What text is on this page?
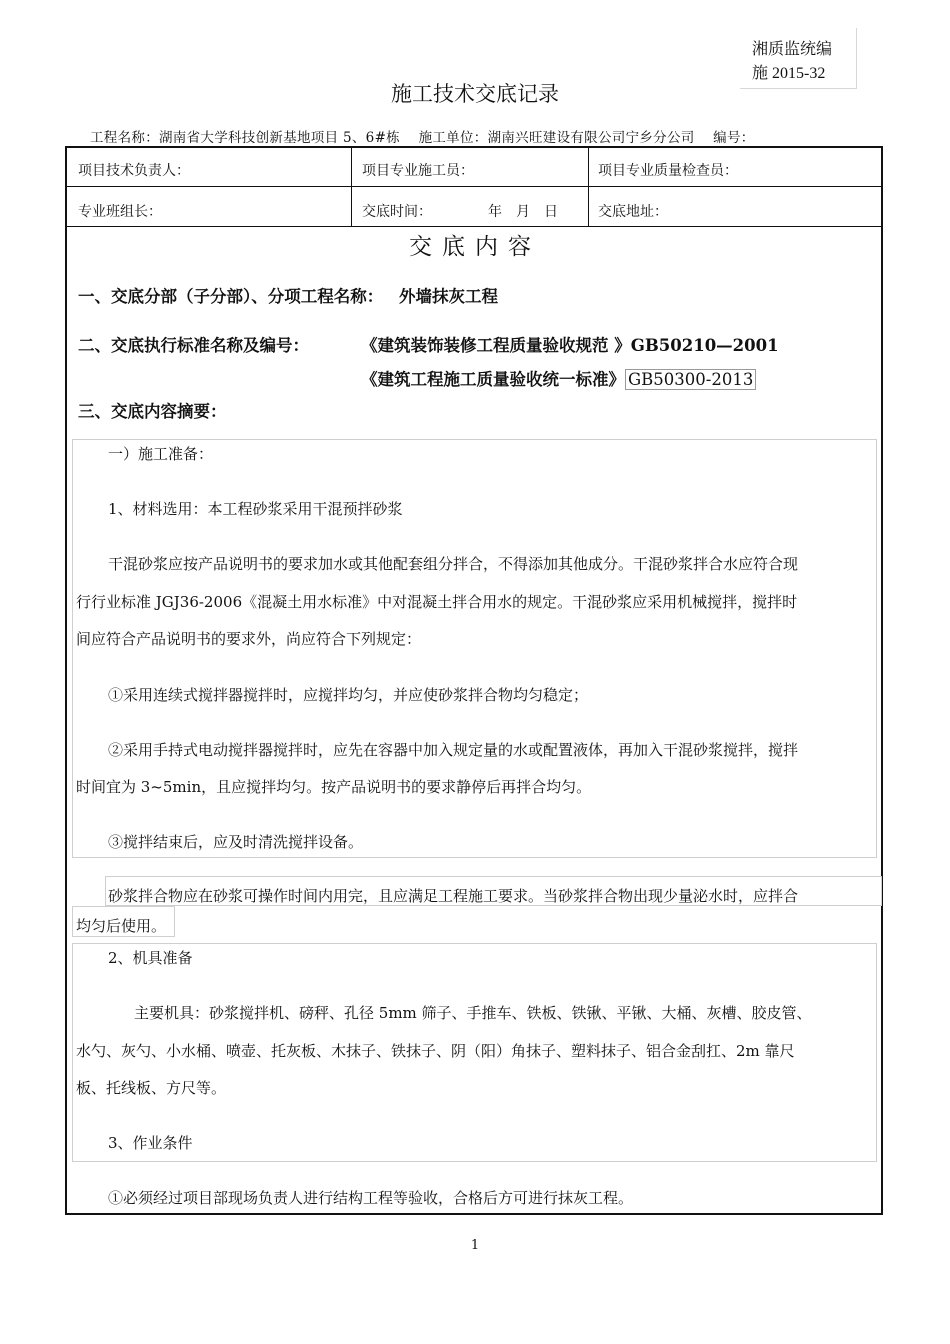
湘质监统编
施 2015-32
施工技术交底记录
工程名称：湖南省大学科技创新基地项目 5、6#栋 施工单位：湖南兴旺建设有限公司宁乡分公司 编号：
项目技术负责人：	项目专业施工员：	项目专业质量检查员：
专业班组长：	交底时间：	年　月　日	交底地址：
交底内容
一、交底分部（子分部）、分项工程名称： 外墙抹灰工程
二、交底执行标准名称及编号：	《建筑装饰装修工程质量验收规范 》GB50210—2001
《建筑工程施工质量验收统一标准》 GB50300-2013
三、交底内容摘要：
一）施工准备：
1、材料选用：本工程砂浆采用干混预拌砂浆
干混砂浆应按产品说明书的要求加水或其他配套组分拌合，不得添加其他成分。干混砂浆拌合水应符合现
行行业标准 JGJ36-2006《混凝土用水标准》中对混凝土拌合用水的规定。干混砂浆应采用机械搅拌，搅拌时
间应符合产品说明书的要求外，尚应符合下列规定：
①采用连续式搅拌器搅拌时，应搅拌均匀，并应使砂浆拌合物均匀稳定；
②采用手持式电动搅拌器搅拌时，应先在容器中加入规定量的水或配置液体，再加入干混砂浆搅拌，搅拌
时间宜为 3~5min，且应搅拌均匀。按产品说明书的要求静停后再拌合均匀。
③搅拌结束后，应及时清洗搅拌设备。
砂浆拌合物应在砂浆可操作时间内用完，且应满足工程施工要求。当砂浆拌合物出现少量泌水时，应拌合
均匀后使用。
2、机具准备
主要机具：砂浆搅拌机、磅秤、孔径 5mm 筛子、手推车、铁板、铁锹、平锹、大桶、灰槽、胶皮管、
水勺、灰勺、小水桶、喷壶、托灰板、木抹子、铁抹子、阴（阳）角抹子、塑料抹子、铝合金刮扛、2m 靠尺
板、托线板、方尺等。
3、作业条件
①必须经过项目部现场负责人进行结构工程等验收，合格后方可进行抹灰工程。
1
